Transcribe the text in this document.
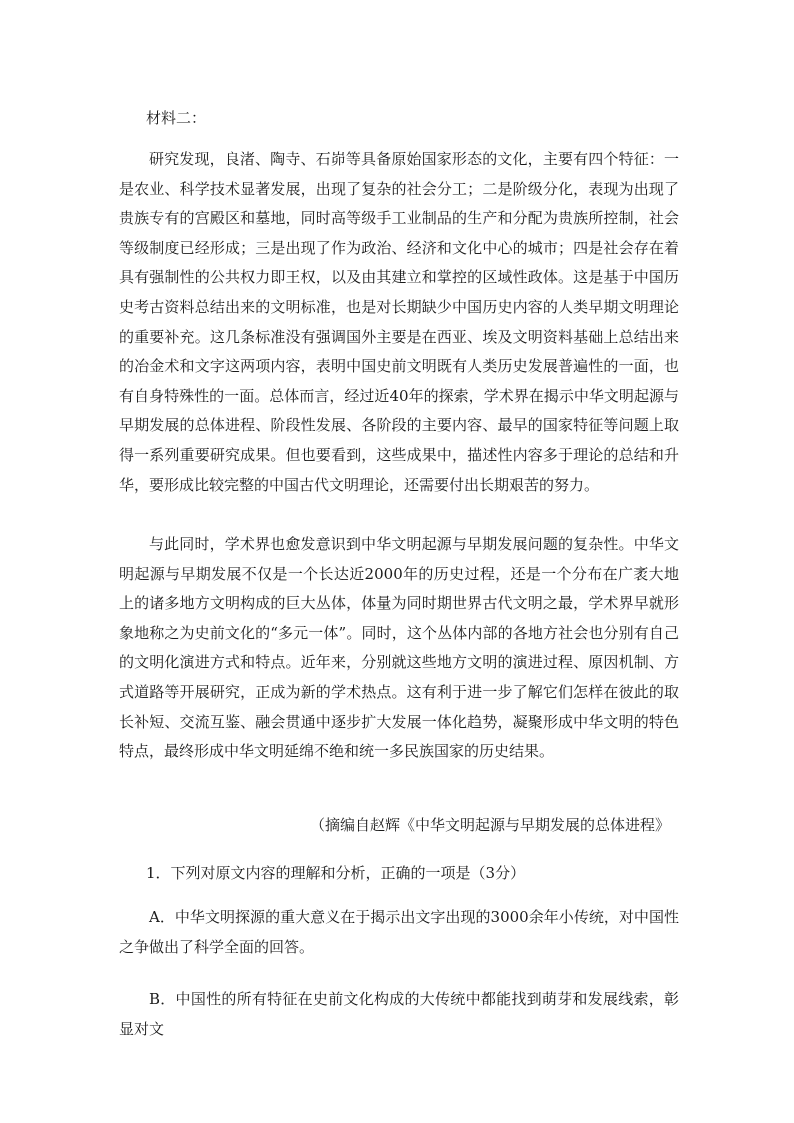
材料二：

研究发现，良渚、陶寺、石峁等具备原始国家形态的文化，主要有四个特征：一是农业、科学技术显著发展，出现了复杂的社会分工；二是阶级分化，表现为出现了贵族专有的宫殿区和墓地，同时高等级手工业制品的生产和分配为贵族所控制，社会等级制度已经形成；三是出现了作为政治、经济和文化中心的城市；四是社会存在着具有强制性的公共权力即王权，以及由其建立和掌控的区域性政体。这是基于中国历史考古资料总结出来的文明标准，也是对长期缺少中国历史内容的人类早期文明理论的重要补充。这几条标准没有强调国外主要是在西亚、埃及文明资料基础上总结出来的冶金术和文字这两项内容，表明中国史前文明既有人类历史发展普遍性的一面，也有自身特殊性的一面。总体而言，经过近40年的探索，学术界在揭示中华文明起源与早期发展的总体进程、阶段性发展、各阶段的主要内容、最早的国家特征等问题上取得一系列重要研究成果。但也要看到，这些成果中，描述性内容多于理论的总结和升华，要形成比较完整的中国古代文明理论，还需要付出长期艰苦的努力。

与此同时，学术界也愈发意识到中华文明起源与早期发展问题的复杂性。中华文明起源与早期发展不仅是一个长达近2000年的历史过程，还是一个分布在广袤大地上的诸多地方文明构成的巨大丛体，体量为同时期世界古代文明之最，学术界早就形象地称之为史前文化的“多元一体”。同时，这个丛体内部的各地方社会也分别有自己的文明化演进方式和特点。近年来，分别就这些地方文明的演进过程、原因机制、方式道路等开展研究，正成为新的学术热点。这有利于进一步了解它们怎样在彼此的取长补短、交流互鉴、融会贯通中逐步扩大发展一体化趋势，凝聚形成中华文明的特色特点，最终形成中华文明延绵不绝和统一多民族国家的历史结果。

（摘编自赵辉《中华文明起源与早期发展的总体进程》
1．下列对原文内容的理解和分析，正确的一项是（3分）

A．中华文明探源的重大意义在于揭示出文字出现的3000余年小传统，对中国性之争做出了科学全面的回答。

B．中国性的所有特征在史前文化构成的大传统中都能找到萌芽和发展线索，彰显对文
